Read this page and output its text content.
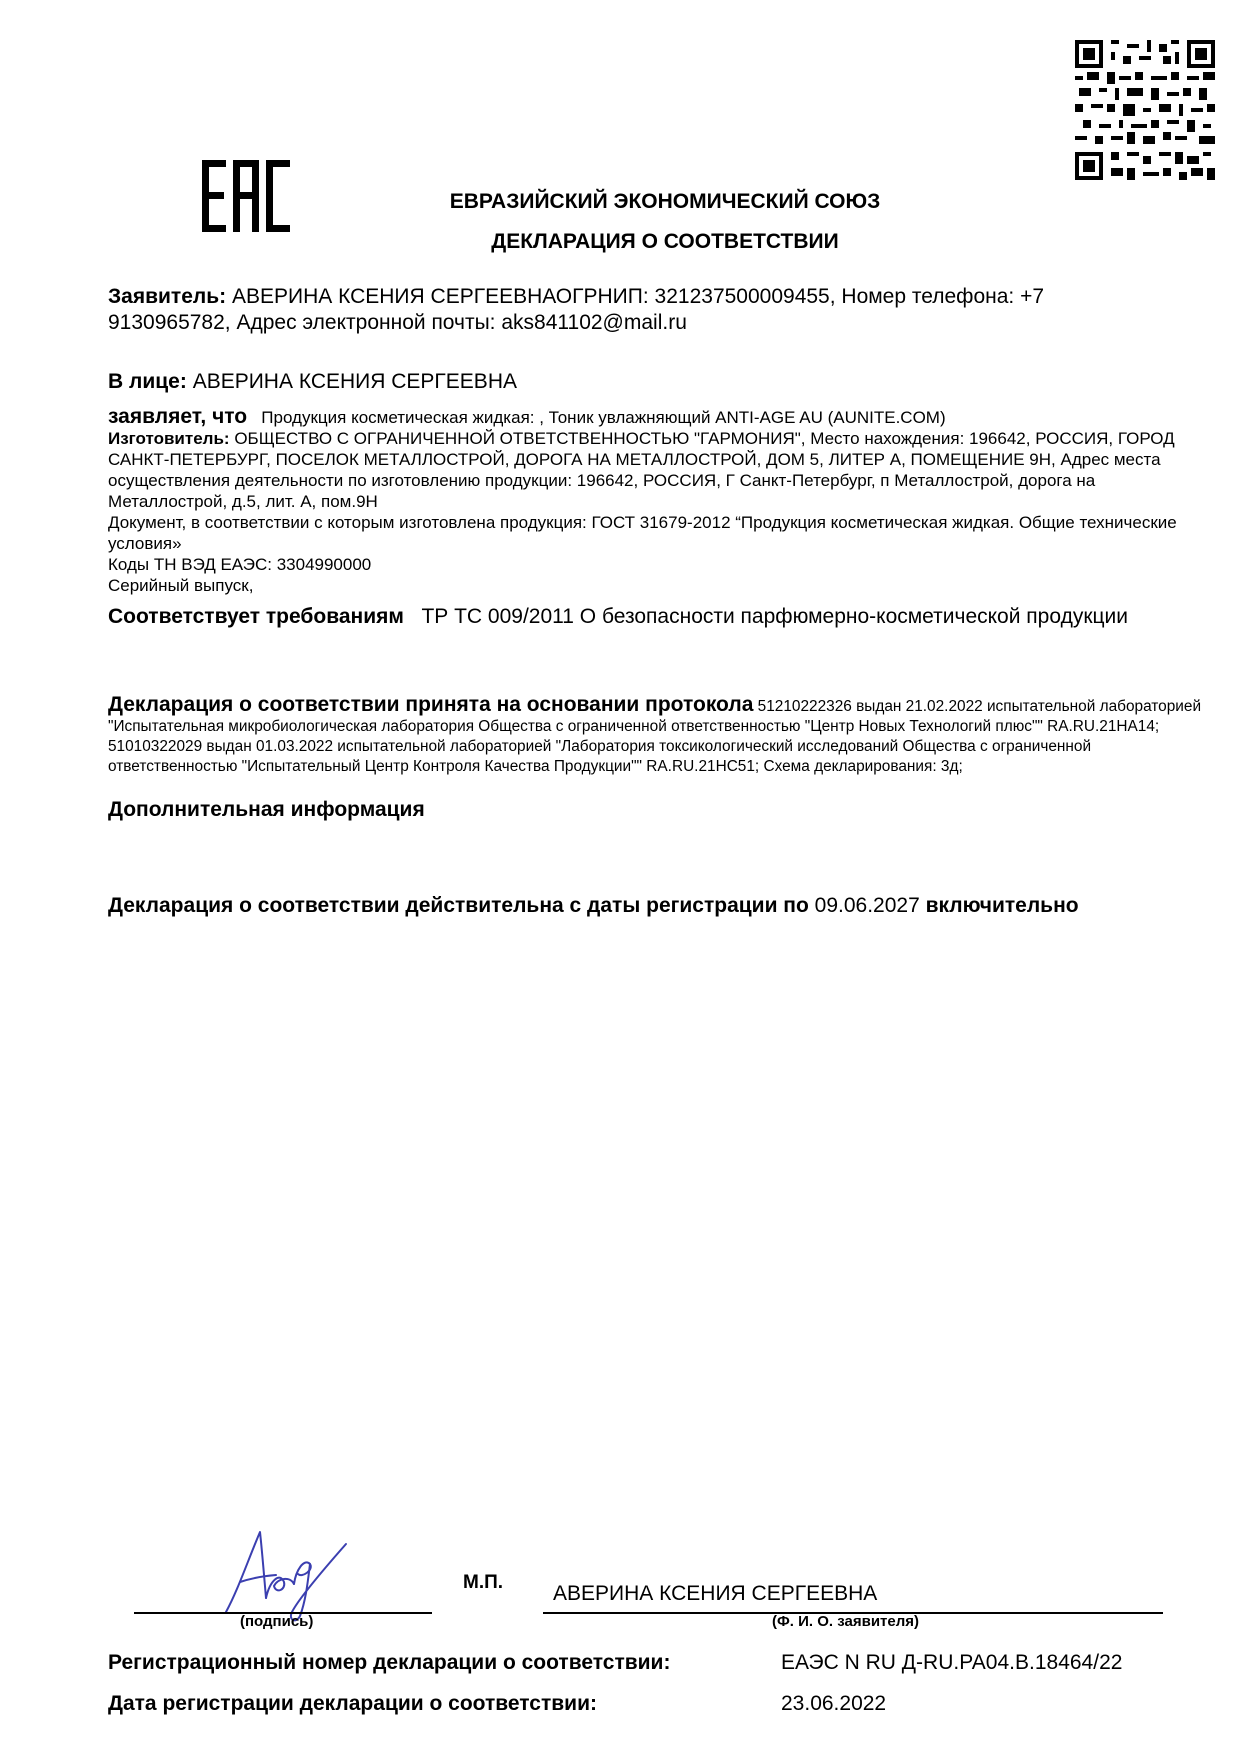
ЕВРАЗИЙСКИЙ ЭКОНОМИЧЕСКИЙ СОЮЗ
ДЕКЛАРАЦИЯ О СООТВЕТСТВИИ
Заявитель: АВЕРИНА КСЕНИЯ СЕРГЕЕВНАОГРНИП: 321237500009455, Номер телефона: +7 9130965782, Адрес электронной почты: aks841102@mail.ru
В лице: АВЕРИНА КСЕНИЯ СЕРГЕЕВНА
заявляет, что Продукция косметическая жидкая: , Тоник увлажняющий ANTI-AGE AU (AUNITE.COM)
Изготовитель: ОБЩЕСТВО С ОГРАНИЧЕННОЙ ОТВЕТСТВЕННОСТЬЮ "ГАРМОНИЯ", Место нахождения: 196642, РОССИЯ, ГОРОД САНКТ-ПЕТЕРБУРГ, ПОСЕЛОК МЕТАЛЛОСТРОЙ, ДОРОГА НА МЕТАЛЛОСТРОЙ, ДОМ 5, ЛИТЕР А, ПОМЕЩЕНИЕ 9Н, Адрес места осуществления деятельности по изготовлению продукции: 196642, РОССИЯ, Г Санкт-Петербург, п Металлострой, дорога на Металлострой, д.5, лит. А, пом.9Н
Документ, в соответствии с которым изготовлена продукция: ГОСТ 31679-2012 “Продукция косметическая жидкая. Общие технические условия»
Коды ТН ВЭД ЕАЭС: 3304990000
Серийный выпуск,
Соответствует требованиям ТР ТС 009/2011 О безопасности парфюмерно-косметической продукции
Декларация о соответствии принята на основании протокола 51210222326 выдан 21.02.2022 испытательной лабораторией "Испытательная микробиологическая лаборатория Общества с ограниченной ответственностью "Центр Новых Технологий плюс"" RA.RU.21НА14; 51010322029 выдан 01.03.2022 испытательной лабораторией "Лаборатория токсикологический исследований Общества с ограниченной ответственностью "Испытательный Центр Контроля Качества Продукции"" RA.RU.21НС51; Схема декларирования: 3д;
Дополнительная информация
Декларация о соответствии действительна с даты регистрации по 09.06.2027 включительно
(подпись)
М.П. АВЕРИНА КСЕНИЯ СЕРГЕЕВНА
(Ф. И. О. заявителя)
Регистрационный номер декларации о соответствии:	ЕАЭС N RU Д-RU.РА04.В.18464/22
Дата регистрации декларации о соответствии:	23.06.2022
